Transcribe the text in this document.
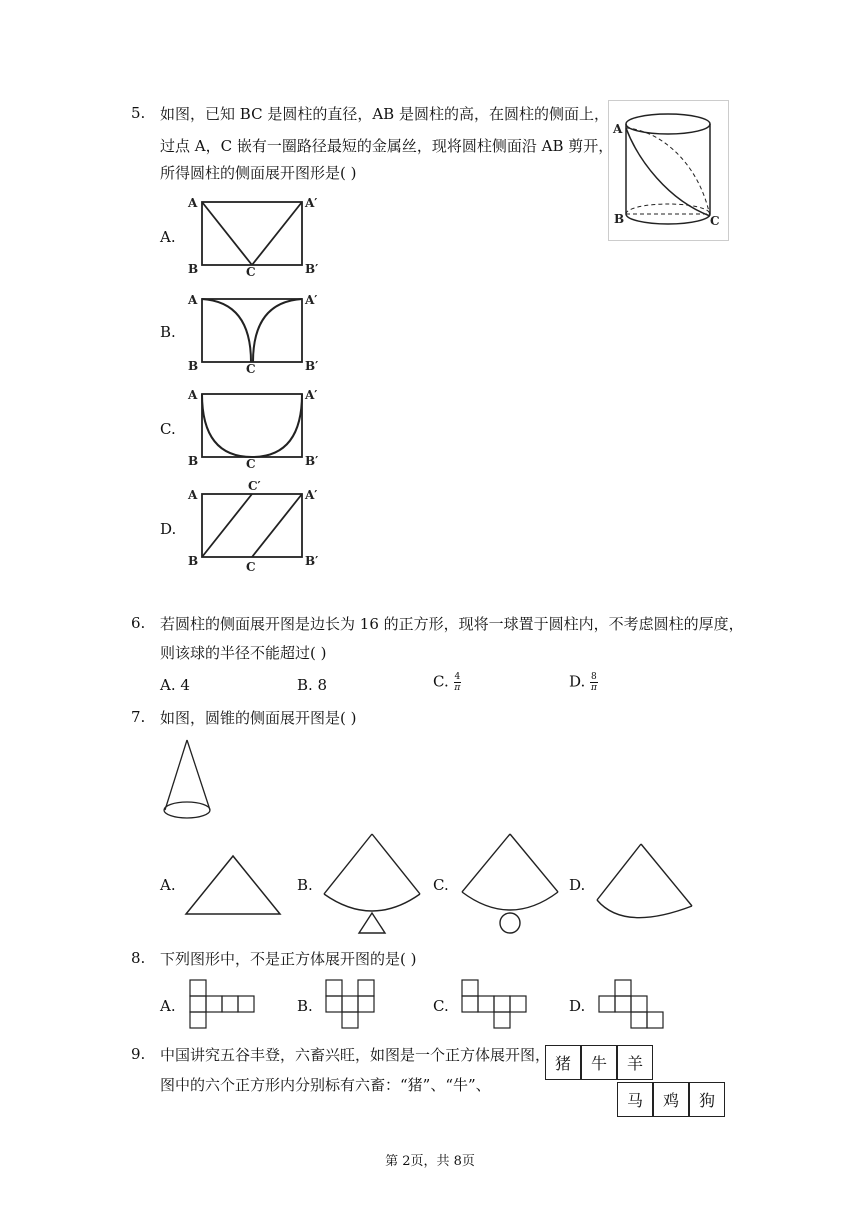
5. 如图，已知 BC 是圆柱的直径，AB 是圆柱的高，在圆柱的侧面上，
过点 A，C 嵌有一圈路径最短的金属丝，现将圆柱侧面沿 AB 剪开，
所得圆柱的侧面展开图形是( )
A
B	C
A.
A
B	C
A′
B′
B.
A
B	C
A′
B′
C.
A
B	C
A′
B′
D.
C′
A
B	C
A′
B′
6. 若圆柱的侧面展开图是边长为 16 的正方形，现将一球置于圆柱内，不考虑圆柱的厚度，
则该球的半径不能超过( )
A. 4	B. 8	C. $\frac{4}{\pi}$	D. $\frac{8}{\pi}$
7. 如图，圆锥的侧面展开图是( )
A.	B.	C.	D.
8. 下列图形中，不是正方体展开图的是( )
A.	B.	C.	D.
9. 中国讲究五谷丰登，六畜兴旺，如图是一个正方体展开图，
图中的六个正方形内分别标有六畜：“猪”、“牛”、
猪	牛	羊
马	鸡	狗
第 2页，共 8页
